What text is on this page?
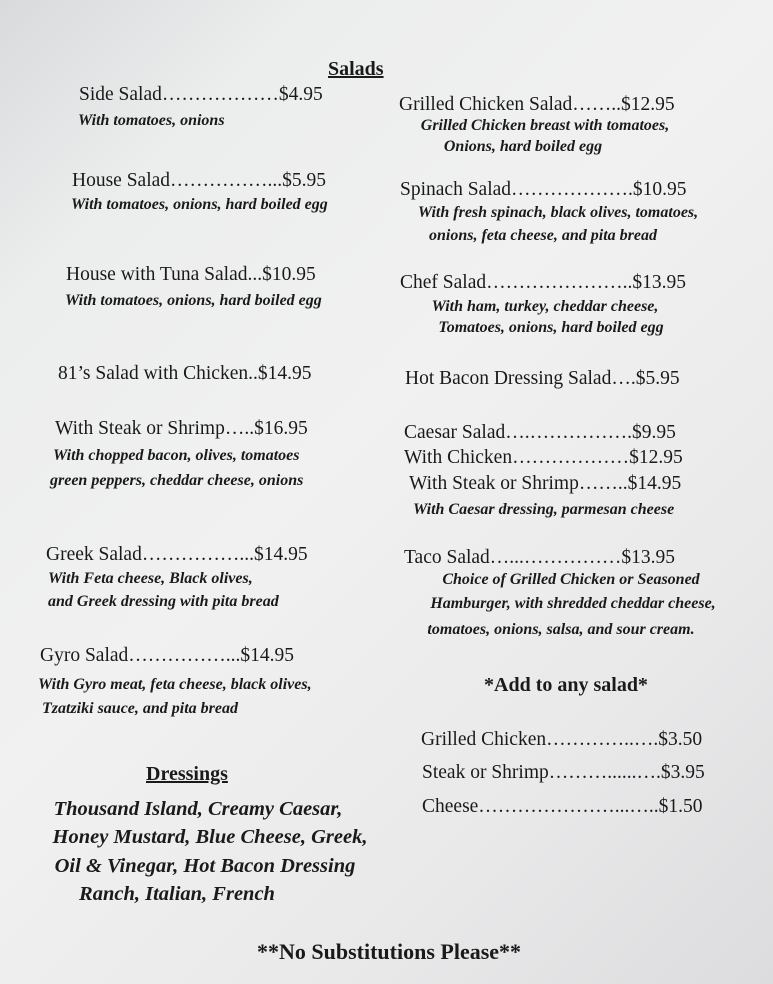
Salads
Side Salad………………$4.95
With tomatoes, onions
House Salad……………...$5.95
With tomatoes, onions, hard boiled egg
House with Tuna Salad...$10.95
With tomatoes, onions, hard boiled egg
81’s Salad with Chicken..$14.95
With Steak or Shrimp…..$16.95
With chopped bacon, olives, tomatoes
green peppers, cheddar cheese, onions
Greek Salad……………...$14.95
With Feta cheese, Black olives,
and Greek dressing with pita bread
Gyro Salad……………...$14.95
With Gyro meat, feta cheese, black olives,
Tzatziki sauce, and pita bread
Grilled Chicken Salad……..$12.95
Grilled Chicken breast with tomatoes,
Onions, hard boiled egg
Spinach Salad……………….$10.95
With fresh spinach, black olives, tomatoes,
onions, feta cheese, and pita bread
Chef Salad…………………..$13.95
With ham, turkey, cheddar cheese,
Tomatoes, onions, hard boiled egg
Hot Bacon Dressing Salad….$5.95
Caesar Salad….…………….$9.95
With Chicken………………$12.95
With Steak or Shrimp……..$14.95
With Caesar dressing, parmesan cheese
Taco Salad…...……………$13.95
Choice of Grilled Chicken or Seasoned
Hamburger, with shredded cheddar cheese,
tomatoes, onions, salsa, and sour cream.
*Add to any salad*
Grilled Chicken…………..….$3.50
Steak or Shrimp………......….$3.95
Cheese…………………...…..$1.50
Dressings
Thousand Island, Creamy Caesar,
Honey Mustard, Blue Cheese, Greek,
Oil & Vinegar, Hot Bacon Dressing
Ranch, Italian, French
**No Substitutions Please**
